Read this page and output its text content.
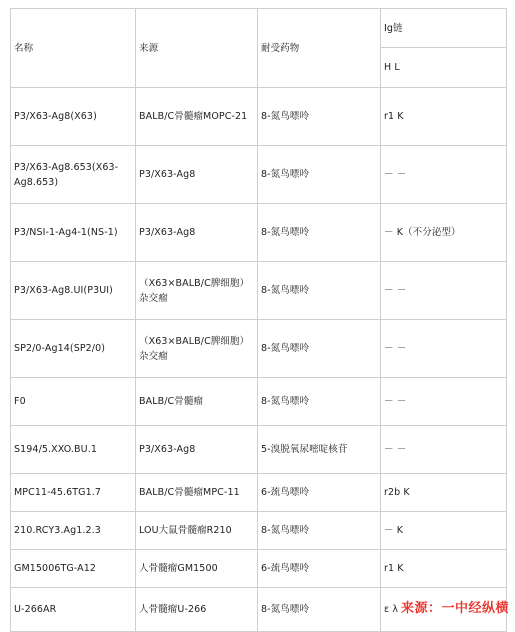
名称	来源	耐受药物	Ig链
			H L
P3/X63-Ag8(X63)	BALB/C骨髓瘤MOPC-21	8-氮鸟嘌呤	r1 K
P3/X63-Ag8.653(X63-Ag8.653)	P3/X63-Ag8	8-氮鸟嘌呤	－ －
P3/NSI-1-Ag4-1(NS-1)	P3/X63-Ag8	8-氮鸟嘌呤	－ K（不分泌型）
P3/X63-Ag8.UI(P3UI)	（X63×BALB/C脾细胞）杂交瘤	8-氮鸟嘌呤	－ －
SP2/0-Ag14(SP2/0)	（X63×BALB/C脾细胞）杂交瘤	8-氮鸟嘌呤	－ －
F0	BALB/C骨髓瘤	8-氮鸟嘌呤	－ －
S194/5.XXO.BU.1	P3/X63-Ag8	5-溴脱氧尿嘧啶核苷	－ －
MPC11-45.6TG1.7	BALB/C骨髓瘤MPC-11	6-巯鸟嘌呤	r2b K
210.RCY3.Ag1.2.3	LOU大鼠骨髓瘤R210	8-氮鸟嘌呤	－ K
GM15006TG-A12	人骨髓瘤GM1500	6-巯鸟嘌呤	r1 K
U-266AR	人骨髓瘤U-266	8-氮鸟嘌呤	ε λ 来源：一中经纵横
